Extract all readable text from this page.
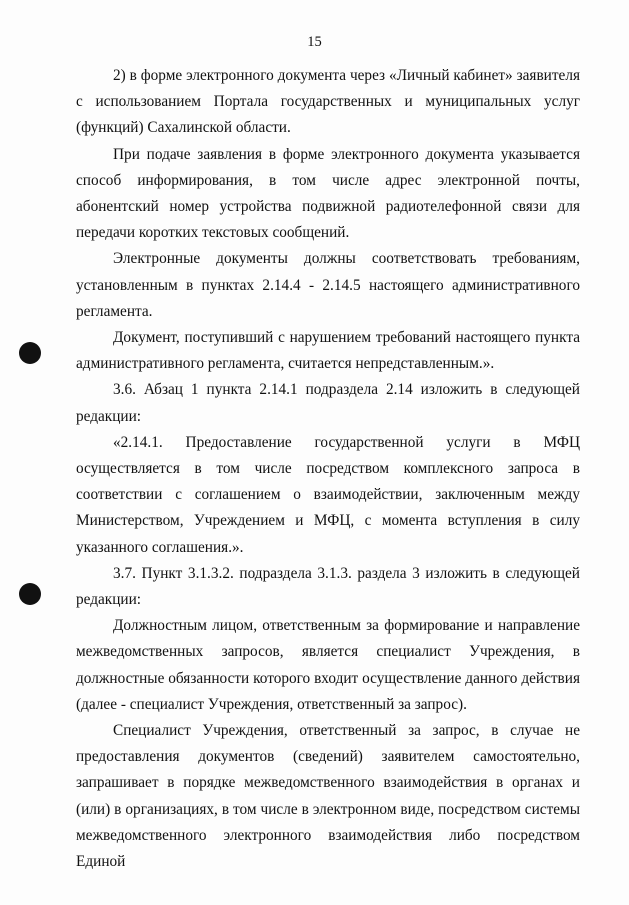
15

2) в форме электронного документа через «Личный кабинет» заявителя с использованием Портала государственных и муниципальных услуг (функций) Сахалинской области.

При подаче заявления в форме электронного документа указывается способ информирования, в том числе адрес электронной почты, абонентский номер устройства подвижной радиотелефонной связи для передачи коротких текстовых сообщений.

Электронные документы должны соответствовать требованиям, установленным в пунктах 2.14.4 - 2.14.5 настоящего административного регламента.

Документ, поступивший с нарушением требований настоящего пункта административного регламента, считается непредставленным.».

3.6. Абзац 1 пункта 2.14.1 подраздела 2.14 изложить в следующей редакции:

«2.14.1. Предоставление государственной услуги в МФЦ осуществляется в том числе посредством комплексного запроса в соответствии с соглашением о взаимодействии, заключенным между Министерством, Учреждением и МФЦ, с момента вступления в силу указанного соглашения.».

3.7. Пункт 3.1.3.2. подраздела 3.1.3. раздела 3 изложить в следующей редакции:

Должностным лицом, ответственным за формирование и направление межведомственных запросов, является специалист Учреждения, в должностные обязанности которого входит осуществление данного действия (далее - специалист Учреждения, ответственный за запрос).

Специалист Учреждения, ответственный за запрос, в случае не предоставления документов (сведений) заявителем самостоятельно, запрашивает в порядке межведомственного взаимодействия в органах и (или) в организациях, в том числе в электронном виде, посредством системы межведомственного электронного взаимодействия либо посредством Единой
